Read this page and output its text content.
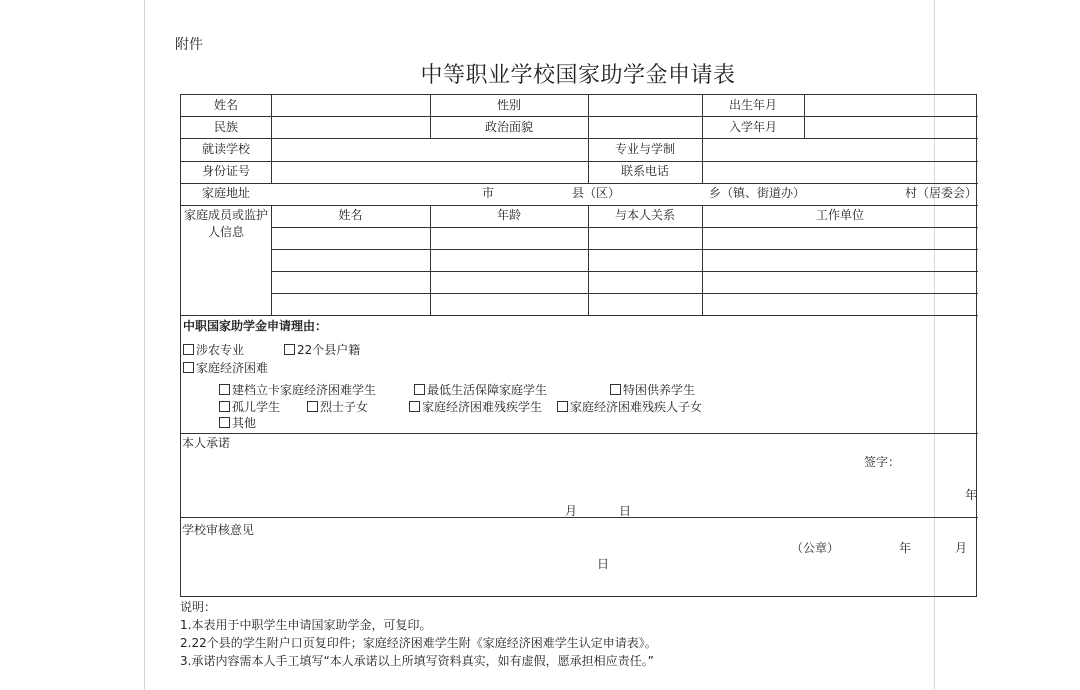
附件
中等职业学校国家助学金申请表
姓名	性别	出生年月
民族	政治面貌	入学年月
就读学校	专业与学制
身份证号	联系电话
家庭地址	市	县（区）	乡（镇、街道办）	村（居委会）
家庭成员或监护
人信息
姓名	年龄	与本人关系	工作单位
中职国家助学金申请理由：
涉农专业	22个县户籍
家庭经济困难
建档立卡家庭经济困难学生	最低生活保障家庭学生	特困供养学生
孤儿学生	烈士子女	家庭经济困难残疾学生	家庭经济困难残疾人子女
其他
本人承诺
签字：
年
月	日
学校审核意见
（公章）	年	月
日
说明：
1.本表用于中职学生申请国家助学金，可复印。
2.22个县的学生附户口页复印件；家庭经济困难学生附《家庭经济困难学生认定申请表》。
3.承诺内容需本人手工填写“本人承诺以上所填写资料真实，如有虚假，愿承担相应责任。”
